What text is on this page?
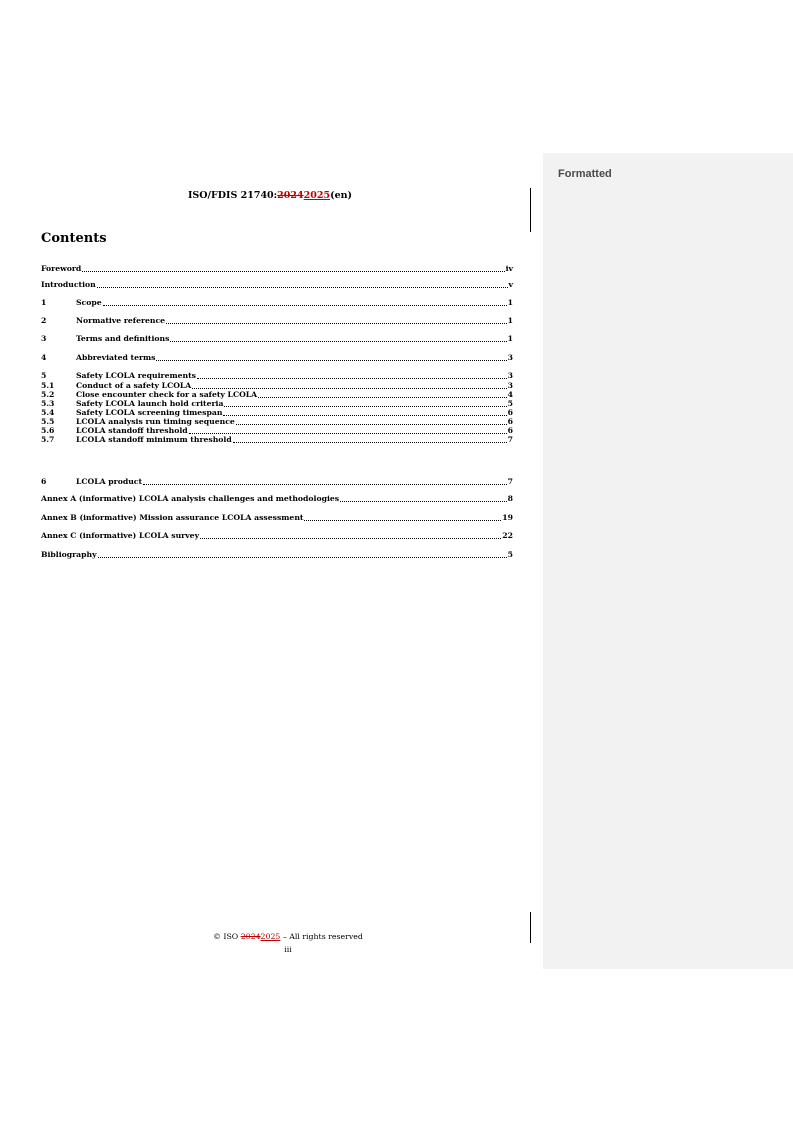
Formatted
ISO/FDIS 21740:20242025(en)
Contents
Foreword	iv
Introduction	v
1	Scope	1
2	Normative reference	1
3	Terms and definitions	1
4	Abbreviated terms	3
5	Safety LCOLA requirements	3
5.1	Conduct of a safety LCOLA	3
5.2	Close encounter check for a safety LCOLA	4
5.3	Safety LCOLA launch hold criteria	5
5.4	Safety LCOLA screening timespan	6
5.5	LCOLA analysis run timing sequence	6
5.6	LCOLA standoff threshold	6
5.7	LCOLA standoff minimum threshold	7
6	LCOLA product	7
Annex A (informative) LCOLA analysis challenges and methodologies	8
Annex B (informative) Mission assurance LCOLA assessment	19
Annex C (informative) LCOLA survey	22
Bibliography	5
© ISO 20242025 – All rights reserved
iii
